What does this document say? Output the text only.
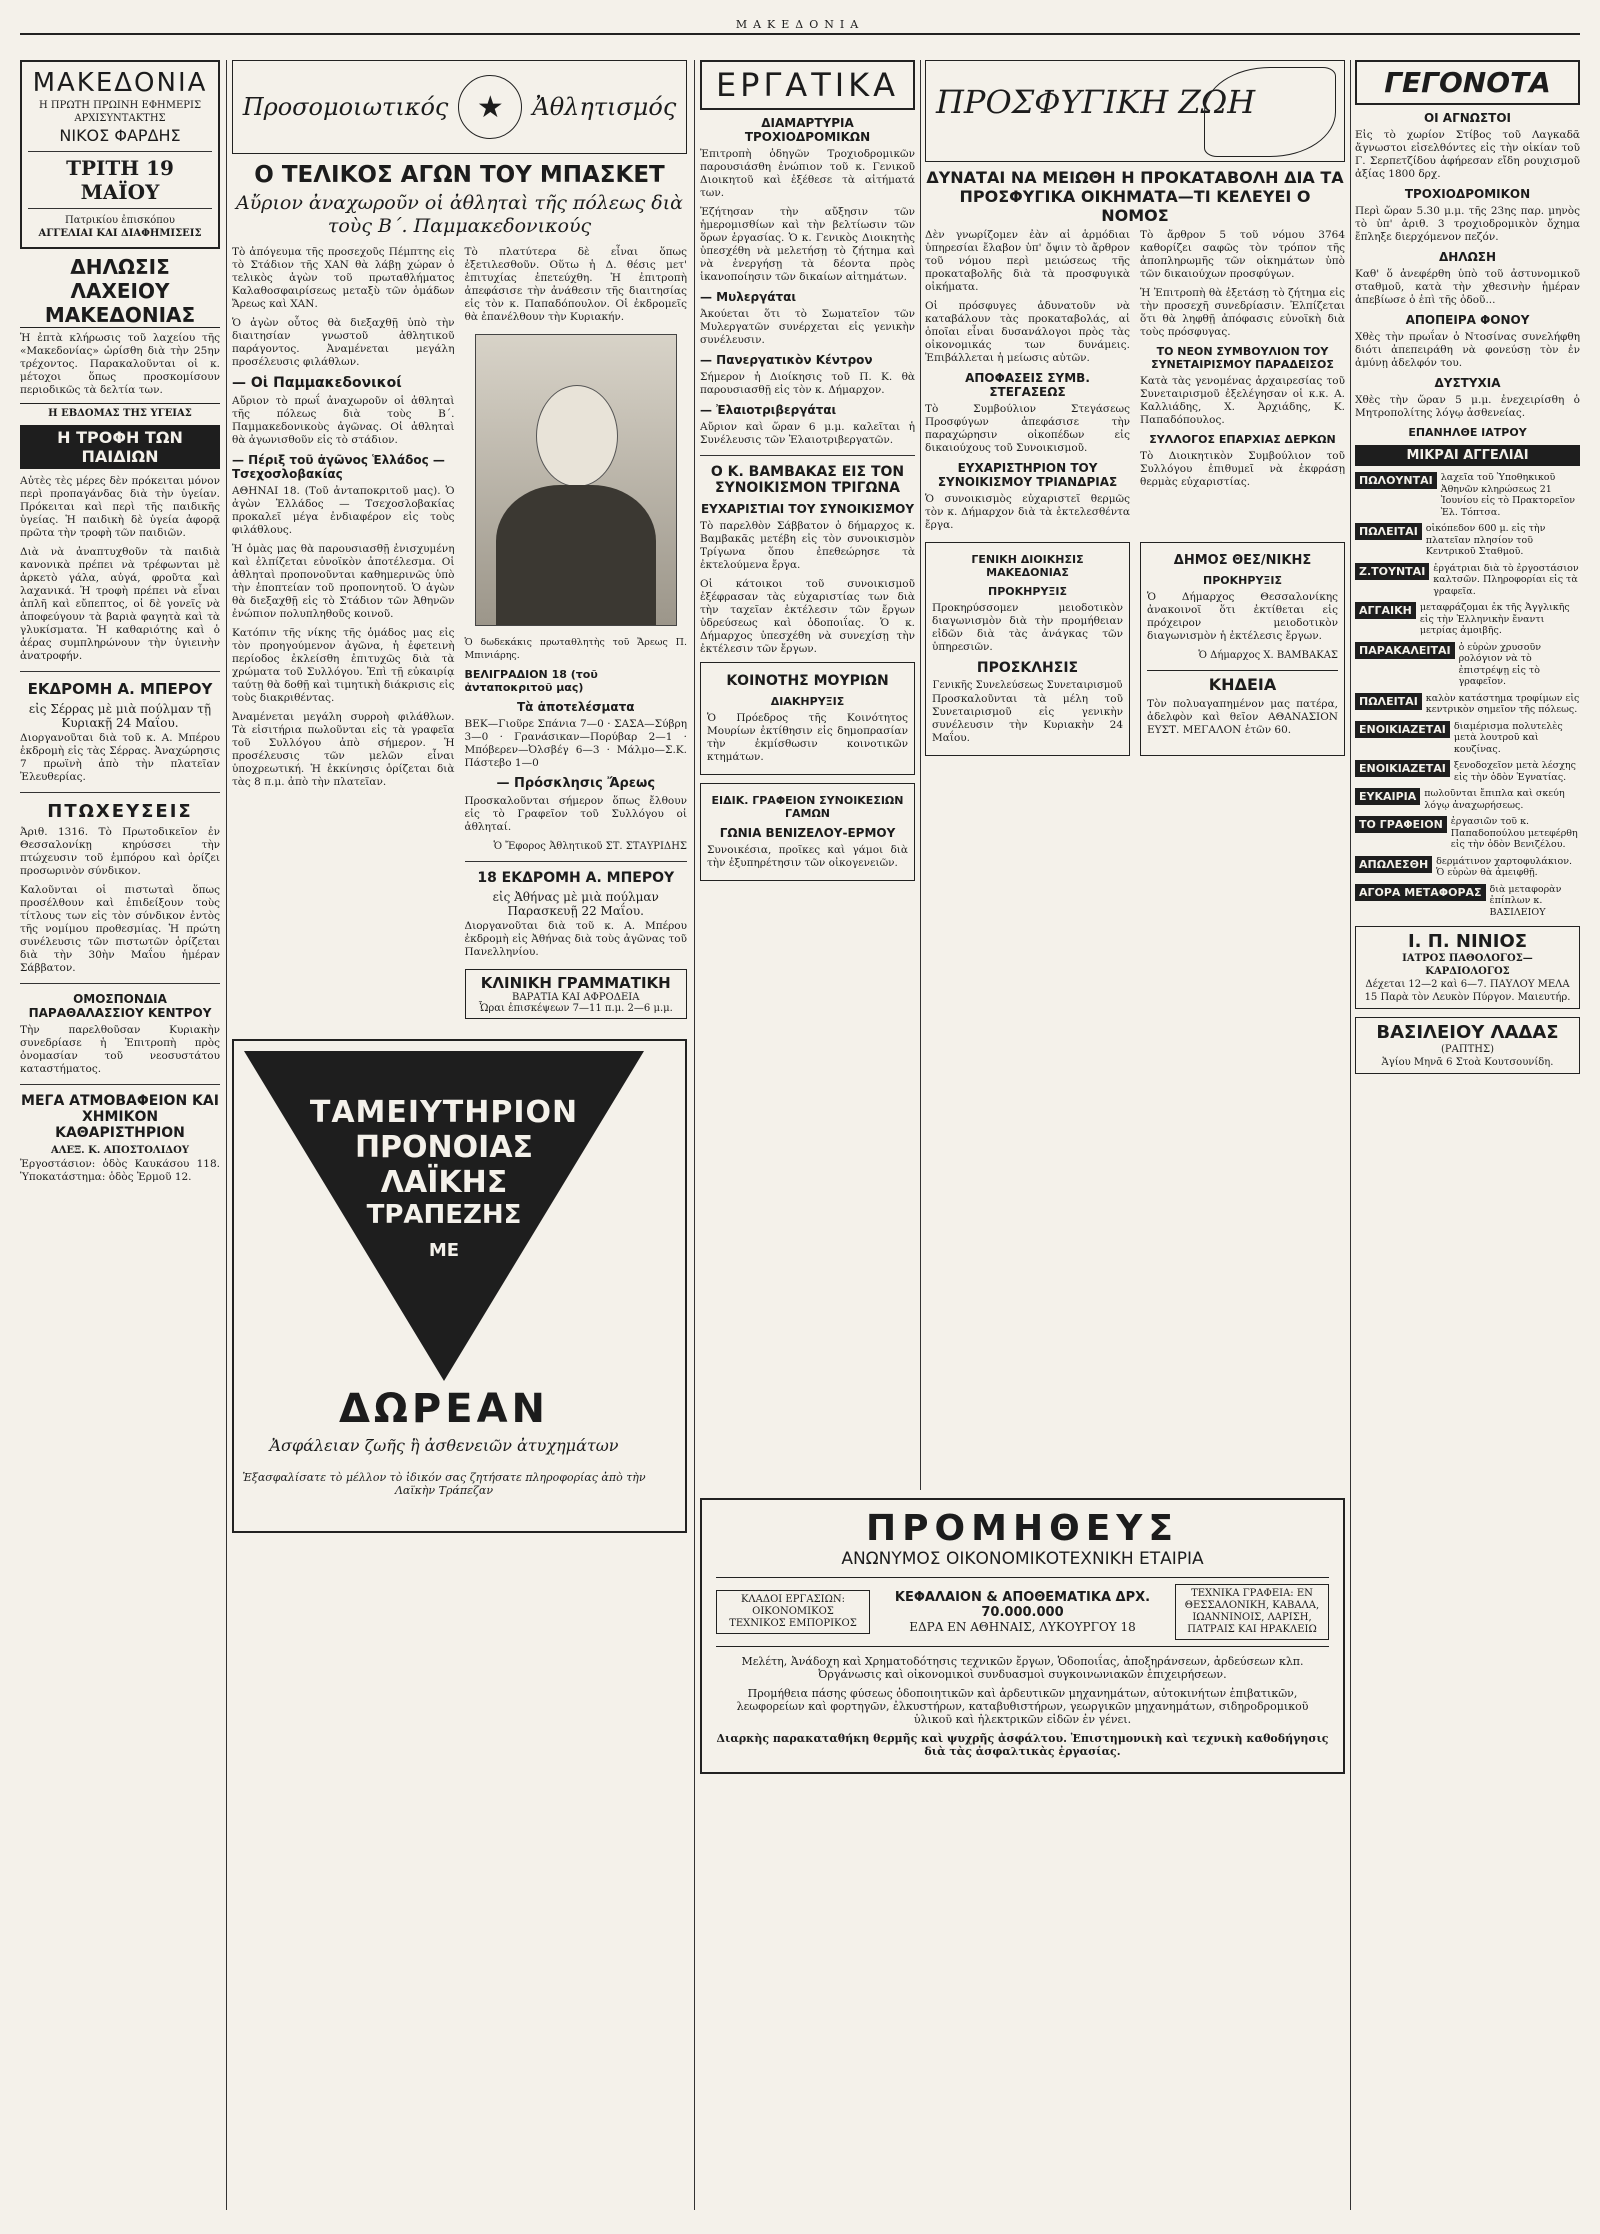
ΜΑΚΕΔΟΝΙΑ
ΜΑΚΕΔΟΝΙΑ
Η ΠΡΩΤΗ ΠΡΩΙΝΗ ΕΦΗΜΕΡΙΣ
ΑΡΧΙΣΥΝΤΑΚΤΗΣ
ΝΙΚΟΣ ΦΑΡΔΗΣ
ΤΡΙΤΗ 19 ΜΑΪΟΥ
Πατρικίου ἐπισκόπου
ΑΓΓΕΛΙΑΙ ΚΑΙ ΔΙΑΦΗΜΙΣΕΙΣ
ΔΗΛΩΣΙΣ ΛΑΧΕΙΟΥ ΜΑΚΕΔΟΝΙΑΣ

Ἡ ἐπτὰ κλήρωσις τοῦ λαχείου τῆς «Μακεδονίας» ὡρίσθη διὰ τὴν 25ην τρέχοντος. Παρακαλοῦνται οἱ κ. μέτοχοι ὅπως προσκομίσουν περιοδικῶς τὰ δελτία των.

Η ΕΒΔΟΜΑΣ ΤΗΣ ΥΓΕΙΑΣ
Η ΤΡΟΦΗ ΤΩΝ ΠΑΙΔΙΩΝ

Αὐτὲς τὲς μέρες δὲν πρόκειται μόνον περὶ προπαγάνδας διὰ τὴν ὑγείαν. Πρόκειται καὶ περὶ τῆς παιδικῆς ὑγείας. Ἡ παιδικὴ δὲ ὑγεία ἀφορᾷ πρῶτα τὴν τροφὴ τῶν παιδιῶν.

Διὰ νὰ ἀναπτυχθοῦν τὰ παιδιὰ κανονικὰ πρέπει νὰ τρέφωνται μὲ ἀρκετὸ γάλα, αὐγά, φροῦτα καὶ λαχανικά. Ἡ τροφὴ πρέπει νὰ εἶναι ἁπλῆ καὶ εὔπεπτος, οἱ δὲ γονεῖς νὰ ἀποφεύγουν τὰ βαριὰ φαγητὰ καὶ τὰ γλυκίσματα. Ἡ καθαριότης καὶ ὁ ἀέρας συμπληρώνουν τὴν ὑγιεινὴν ἀνατροφήν.

ΕΚΔΡΟΜΗ Α. ΜΠΕΡΟΥ
εἰς Σέρρας μὲ μιὰ πούλμαν τῇ Κυριακῇ 24 Μαΐου.

Διοργανοῦται διὰ τοῦ κ. Α. Μπέρου ἐκδρομὴ εἰς τὰς Σέρρας. Ἀναχώρησις 7 πρωϊνὴ ἀπὸ τὴν πλατεῖαν Ἐλευθερίας.

ΠΤΩΧΕΥΣΕΙΣ

Ἀριθ. 1316. Τὸ Πρωτοδικεῖον ἐν Θεσσαλονίκῃ κηρύσσει τὴν πτώχευσιν τοῦ ἐμπόρου καὶ ὁρίζει προσωρινὸν σύνδικον.

Καλοῦνται οἱ πιστωταὶ ὅπως προσέλθουν καὶ ἐπιδείξουν τοὺς τίτλους των εἰς τὸν σύνδικον ἐντὸς τῆς νομίμου προθεσμίας. Ἡ πρώτη συνέλευσις τῶν πιστωτῶν ὁρίζεται διὰ τὴν 30ὴν Μαΐου ἡμέραν Σάββατον.

ΟΜΟΣΠΟΝΔΙΑ ΠΑΡΑΘΑΛΑΣΣΙΟΥ ΚΕΝΤΡΟΥ

Τὴν παρελθοῦσαν Κυριακὴν συνεδρίασε ἡ Ἐπιτροπὴ πρὸς ὀνομασίαν τοῦ νεοσυστάτου καταστήματος.

ΜΕΓΑ ΑΤΜΟΒΑΦΕΙΟΝ ΚΑΙ ΧΗΜΙΚΟΝ ΚΑΘΑΡΙΣΤΗΡΙΟΝ
ΑΛΕΞ. Κ. ΑΠΟΣΤΟΛΙΔΟΥ

Ἐργοστάσιον: ὁδὸς Καυκάσου 118. Ὑποκατάστημα: ὁδὸς Ἑρμοῦ 12.

Προσομοιωτικός ★	Ἀθλητισμός
Ο ΤΕΛΙΚΟΣ ΑΓΩΝ ΤΟΥ ΜΠΑΣΚΕΤ
Αὔριον ἀναχωροῦν οἱ ἀθληταὶ τῆς πόλεως διὰ τοὺς Β΄. Παμμακεδονικούς

Τὸ ἀπόγευμα τῆς προσεχοῦς Πέμπτης εἰς τὸ Στάδιον τῆς ΧΑΝ θὰ λάβῃ χώραν ὁ τελικὸς ἀγὼν τοῦ πρωταθλήματος Καλαθοσφαιρίσεως μεταξὺ τῶν ὁμάδων Ἄρεως καὶ ΧΑΝ.

Ὁ ἀγὼν οὗτος θὰ διεξαχθῇ ὑπὸ τὴν διαιτησίαν γνωστοῦ ἀθλητικοῦ παράγοντος. Ἀναμένεται μεγάλη προσέλευσις φιλάθλων.

— Οἱ Παμμακεδονικοί

Αὔριον τὸ πρωΐ ἀναχωροῦν οἱ ἀθληταὶ τῆς πόλεως διὰ τοὺς Β΄. Παμμακεδονικοὺς ἀγῶνας. Οἱ ἀθληταὶ θὰ ἀγωνισθοῦν εἰς τὸ στάδιον.

— Πέριξ τοῦ ἀγῶνος Ἑλλάδος — Τσεχοσλοβακίας

ΑΘΗΝΑΙ 18. (Τοῦ ἀνταποκριτοῦ μας). Ὁ ἀγὼν Ἑλλάδος — Τσεχοσλοβακίας προκαλεῖ μέγα ἐνδιαφέρον εἰς τοὺς φιλάθλους.

Ἡ ὁμὰς μας θὰ παρουσιασθῇ ἐνισχυμένη καὶ ἐλπίζεται εὐνοϊκὸν ἀποτέλεσμα. Οἱ ἀθληταὶ προπονοῦνται καθημερινῶς ὑπὸ τὴν ἐποπτείαν τοῦ προπονητοῦ. Ὁ ἀγὼν θὰ διεξαχθῇ εἰς τὸ Στάδιον τῶν Ἀθηνῶν ἐνώπιον πολυπληθοῦς κοινοῦ.

Κατόπιν τῆς νίκης τῆς ὁμάδος μας εἰς τὸν προηγούμενον ἀγῶνα, ἡ ἐφετεινὴ περίοδος ἐκλείσθη ἐπιτυχῶς διὰ τὰ χρώματα τοῦ Συλλόγου. Ἐπὶ τῇ εὐκαιρίᾳ ταύτῃ θὰ δοθῇ καὶ τιμητικὴ διάκρισις εἰς τοὺς διακριθέντας.

Ἀναμένεται μεγάλη συρροὴ φιλάθλων. Τὰ εἰσιτήρια πωλοῦνται εἰς τὰ γραφεῖα τοῦ Συλλόγου ἀπὸ σήμερον. Ἡ προσέλευσις τῶν μελῶν εἶναι ὑποχρεωτική. Ἡ ἐκκίνησις ὁρίζεται διὰ τὰς 8 π.μ. ἀπὸ τὴν πλατεῖαν.

Τὸ πλατύτερα δὲ εἶναι ὅπως ἐξετιλεσθοῦν. Οὕτω ἡ Δ. θέσις μετ' ἐπιτυχίας ἐπετεύχθη. Ἡ ἐπιτροπὴ ἀπεφάσισε τὴν ἀνάθεσιν τῆς διαιτησίας εἰς τὸν κ. Παπαδόπουλον. Οἱ ἐκδρομεῖς θὰ ἐπανέλθουν τὴν Κυριακήν.

Ὁ δωδεκάκις πρωταθλητὴς τοῦ Ἄρεως Π. Μπινιάρης.

ΒΕΛΙΓΡΑΔΙΟΝ 18 (τοῦ ἀνταποκριτοῦ μας)
Τὰ ἀποτελέσματα

ΒΕΚ—Γιοῦρε Σπάνια 7—0 · ΣΑΣΑ—Σύβρη 3—0 · Γρανάσικαν—Πορύβαρ 2—1 · Μπόβερεν—Ὀλσβέγ 6—3 · Μάλμο—Σ.Κ. Πάστεβο 1—0

— Πρόσκλησις Ἄρεως

Προσκαλοῦνται σήμερον ὅπως ἔλθουν εἰς τὸ Γραφεῖον τοῦ Συλλόγου οἱ ἀθληταί.

Ὁ Ἔφορος Ἀθλητικοῦ ΣΤ. ΣΤΑΥΡΙΔΗΣ

18 ΕΚΔΡΟΜΗ Α. ΜΠΕΡΟΥ
εἰς Ἀθήνας μὲ μιὰ πούλμαν Παρασκευῇ 22 Μαΐου.

Διοργανοῦται διὰ τοῦ κ. Α. Μπέρου ἐκδρομὴ εἰς Ἀθήνας διὰ τοὺς ἀγῶνας τοῦ Πανελληνίου.

ΚΛΙΝΙΚΗ ΓΡΑΜΜΑΤΙΚΗ
ΒΑΡΑΤΙΑ ΚΑΙ ΑΦΡΟΔΕΙΑ
Ὧραι ἐπισκέψεων 7—11 π.μ. 2—6 μ.μ.
ΤΑΜΕΙΥΤΗΡΙΟΝ
ΠΡΟΝΟΙΑΣ
ΛΑΪΚΗΣ
ΤΡΑΠΕΖΗΣ
ΜΕ
ΔΩΡΕΑΝ
Ἀσφάλειαν ζωῆς ἢ ἀσθενειῶν ἀτυχημάτων
Ἐξασφαλίσατε τὸ μέλλον τὸ ἰδικόν σας ζητήσατε πληροφορίας ἀπὸ τὴν Λαϊκὴν Τράπεζαν
ΕΡΓΑΤΙΚΑ
ΔΙΑΜΑΡΤΥΡΙΑ ΤΡΟΧΙΟΔΡΟΜΙΚΩΝ

Ἐπιτροπὴ ὁδηγῶν Τροχιοδρομικῶν παρουσιάσθη ἐνώπιον τοῦ κ. Γενικοῦ Διοικητοῦ καὶ ἐξέθεσε τὰ αἰτήματά των.

Ἐζήτησαν τὴν αὔξησιν τῶν ἡμερομισθίων καὶ τὴν βελτίωσιν τῶν ὅρων ἐργασίας. Ὁ κ. Γενικὸς Διοικητὴς ὑπεσχέθη νὰ μελετήσῃ τὸ ζήτημα καὶ νὰ ἐνεργήσῃ τὰ δέοντα πρὸς ἱκανοποίησιν τῶν δικαίων αἰτημάτων.

— Μυλεργάται

Ἀκούεται ὅτι τὸ Σωματεῖον τῶν Μυλεργατῶν συνέρχεται εἰς γενικὴν συνέλευσιν.

— Πανεργατικὸν Κέντρον

Σήμερον ἡ Διοίκησις τοῦ Π. Κ. θὰ παρουσιασθῇ εἰς τὸν κ. Δήμαρχον.

— Ἐλαιοτριβεργάται

Αὔριον καὶ ὥραν 6 μ.μ. καλεῖται ἡ Συνέλευσις τῶν Ἐλαιοτριβεργατῶν.

Ο Κ. ΒΑΜΒΑΚΑΣ ΕΙΣ ΤΟΝ ΣΥΝΟΙΚΙΣΜΟΝ ΤΡΙΓΩΝΑ
ΕΥΧΑΡΙΣΤΙΑΙ ΤΟΥ ΣΥΝΟΙΚΙΣΜΟΥ

Τὸ παρελθὸν Σάββατον ὁ δήμαρχος κ. Βαμβακᾶς μετέβη εἰς τὸν συνοικισμὸν Τρίγωνα ὅπου ἐπεθεώρησε τὰ ἐκτελούμενα ἔργα.

Οἱ κάτοικοι τοῦ συνοικισμοῦ ἐξέφρασαν τὰς εὐχαριστίας των διὰ τὴν ταχεῖαν ἐκτέλεσιν τῶν ἔργων ὑδρεύσεως καὶ ὁδοποιΐας. Ὁ κ. Δήμαρχος ὑπεσχέθη νὰ συνεχίσῃ τὴν ἐκτέλεσιν τῶν ἔργων.

ΚΟΙΝΟΤΗΣ ΜΟΥΡΙΩΝ
ΔΙΑΚΗΡΥΞΙΣ

Ὁ Πρόεδρος τῆς Κοινότητος Μουρίων ἐκτίθησιν εἰς δημοπρασίαν τὴν ἐκμίσθωσιν κοινοτικῶν κτημάτων.

ΕΙΔΙΚ. ΓΡΑΦΕΙΟΝ ΣΥΝΟΙΚΕΣΙΩΝ ΓΑΜΩΝ
ΓΩΝΙΑ ΒΕΝΙΖΕΛΟΥ-ΕΡΜΟΥ

Συνοικέσια, προῖκες καὶ γάμοι διὰ τὴν ἐξυπηρέτησιν τῶν οἰκογενειῶν.

ΠΡΟΣΦΥΓΙΚΗ ΖΩΗ
ΔΥΝΑΤΑΙ ΝΑ ΜΕΙΩΘΗ Η ΠΡΟΚΑΤΑΒΟΛΗ ΔΙΑ ΤΑ ΠΡΟΣΦΥΓΙΚΑ ΟΙΚΗΜΑΤΑ—ΤΙ ΚΕΛΕΥΕΙ Ο ΝΟΜΟΣ

Δὲν γνωρίζομεν ἐὰν αἱ ἁρμόδιαι ὑπηρεσίαι ἔλαβον ὑπ' ὄψιν τὸ ἄρθρον τοῦ νόμου περὶ μειώσεως τῆς προκαταβολῆς διὰ τὰ προσφυγικὰ οἰκήματα.

Οἱ πρόσφυγες ἀδυνατοῦν νὰ καταβάλουν τὰς προκαταβολάς, αἱ ὁποῖαι εἶναι δυσανάλογοι πρὸς τὰς οἰκονομικάς των δυνάμεις. Ἐπιβάλλεται ἡ μείωσις αὐτῶν.

ΑΠΟΦΑΣΕΙΣ ΣΥΜΒ. ΣΤΕΓΑΣΕΩΣ

Τὸ Συμβούλιον Στεγάσεως Προσφύγων ἀπεφάσισε τὴν παραχώρησιν οἰκοπέδων εἰς δικαιούχους τοῦ Συνοικισμοῦ.

ΕΥΧΑΡΙΣΤΗΡΙΟΝ ΤΟΥ ΣΥΝΟΙΚΙΣΜΟΥ ΤΡΙΑΝΔΡΙΑΣ

Ὁ συνοικισμὸς εὐχαριστεῖ θερμῶς τὸν κ. Δήμαρχον διὰ τὰ ἐκτελεσθέντα ἔργα.

Τὸ ἄρθρον 5 τοῦ νόμου 3764 καθορίζει σαφῶς τὸν τρόπον τῆς ἀποπληρωμῆς τῶν οἰκημάτων ὑπὸ τῶν δικαιούχων προσφύγων.

Ἡ Ἐπιτροπὴ θὰ ἐξετάσῃ τὸ ζήτημα εἰς τὴν προσεχῆ συνεδρίασιν. Ἐλπίζεται ὅτι θὰ ληφθῇ ἀπόφασις εὐνοϊκὴ διὰ τοὺς πρόσφυγας.

ΤΟ ΝΕΟΝ ΣΥΜΒΟΥΛΙΟΝ ΤΟΥ ΣΥΝΕΤΑΙΡΙΣΜΟΥ ΠΑΡΑΔΕΙΣΟΣ

Κατὰ τὰς γενομένας ἀρχαιρεσίας τοῦ Συνεταιρισμοῦ ἐξελέγησαν οἱ κ.κ. Α. Καλλιάδης, Χ. Ἀρχιάδης, Κ. Παπαδόπουλος.

ΣΥΛΛΟΓΟΣ ΕΠΑΡΧΙΑΣ ΔΕΡΚΩΝ

Τὸ Διοικητικὸν Συμβούλιον τοῦ Συλλόγου ἐπιθυμεῖ νὰ ἐκφράσῃ θερμὰς εὐχαριστίας.

ΓΕΝΙΚΗ ΔΙΟΙΚΗΣΙΣ ΜΑΚΕΔΟΝΙΑΣ
ΠΡΟΚΗΡΥΞΙΣ

Προκηρύσσομεν μειοδοτικὸν διαγωνισμὸν διὰ τὴν προμήθειαν εἰδῶν διὰ τὰς ἀνάγκας τῶν ὑπηρεσιῶν.

ΠΡΟΣΚΛΗΣΙΣ
Γενικῆς Συνελεύσεως Συνεταιρισμοῦ

Προσκαλοῦνται τὰ μέλη τοῦ Συνεταιρισμοῦ εἰς γενικὴν συνέλευσιν τὴν Κυριακὴν 24 Μαΐου.

ΔΗΜΟΣ ΘΕΣ/ΝΙΚΗΣ
ΠΡΟΚΗΡΥΞΙΣ

Ὁ Δήμαρχος Θεσσαλονίκης ἀνακοινοῖ ὅτι ἐκτίθεται εἰς πρόχειρον μειοδοτικὸν διαγωνισμὸν ἡ ἐκτέλεσις ἔργων.

Ὁ Δήμαρχος Χ. ΒΑΜΒΑΚΑΣ

ΚΗΔΕΙΑ

Τὸν πολυαγαπημένον μας πατέρα, ἀδελφὸν καὶ θεῖον ΑΘΑΝΑΣΙΟΝ ΕΥΣΤ. ΜΕΓΑΛΟΝ ἐτῶν 60.

ΠΡΟΜΗΘΕΥΣ
ΑΝΩΝΥΜΟΣ ΟΙΚΟΝΟΜΙΚΟΤΕΧΝΙΚΗ ΕΤΑΙΡΙΑ
ΚΛΑΔΟΙ ΕΡΓΑΣΙΩΝ: ΟΙΚΟΝΟΜΙΚΟΣ ΤΕΧΝΙΚΟΣ ΕΜΠΟΡΙΚΟΣ
ΚΕΦΑΛΑΙΟΝ & ΑΠΟΘΕΜΑΤΙΚΑ ΔΡΧ. 70.000.000
ΕΔΡΑ ΕΝ ΑΘΗΝΑΙΣ, ΛΥΚΟΥΡΓΟΥ 18
ΤΕΧΝΙΚΑ ΓΡΑΦΕΙΑ: ΕΝ ΘΕΣΣΑΛΟΝΙΚΗ, ΚΑΒΑΛΑ, ΙΩΑΝΝΙΝΟΙΣ, ΛΑΡΙΣΗ, ΠΑΤΡΑΙΣ ΚΑΙ ΗΡΑΚΛΕΙΩ

Μελέτη, Ἀνάδοχη καὶ Χρηματοδότησις τεχνικῶν ἔργων, Ὁδοποιΐας, ἀποξηράνσεων, ἀρδεύσεων κλπ. Ὀργάνωσις καὶ οἰκονομικοὶ συνδυασμοὶ συγκοινωνιακῶν ἐπιχειρήσεων.

Προμήθεια πάσης φύσεως ὁδοποιητικῶν καὶ ἀρδευτικῶν μηχανημάτων, αὐτοκινήτων ἐπιβατικῶν, λεωφορείων καὶ φορτηγῶν, ἐλκυστήρων, καταβυθιστήρων, γεωργικῶν μηχανημάτων, σιδηροδρομικοῦ ὑλικοῦ καὶ ἠλεκτρικῶν εἰδῶν ἐν γένει.

Διαρκὴς παρακαταθήκη θερμῆς καὶ ψυχρῆς ἀσφάλτου. Ἐπιστημονικὴ καὶ τεχνικὴ καθοδήγησις διὰ τὰς ἀσφαλτικὰς ἐργασίας.

ΓΕΓΟΝΟΤΑ
ΟΙ ΑΓΝΩΣΤΟΙ

Εἰς τὸ χωρίον Στίβος τοῦ Λαγκαδᾶ ἄγνωστοι εἰσελθόντες εἰς τὴν οἰκίαν τοῦ Γ. Σερπετζίδου ἀφήρεσαν εἴδη ρουχισμοῦ ἀξίας 1800 δρχ.

ΤΡΟΧΙΟΔΡΟΜΙΚΟΝ

Περὶ ὥραν 5.30 μ.μ. τῆς 23ης παρ. μηνὸς τὸ ὑπ' ἀριθ. 3 τροχιοδρομικὸν ὄχημα ἔπληξε διερχόμενον πεζόν.

ΔΗΛΩΣΗ

Καθ' ὅ ἀνεφέρθη ὑπὸ τοῦ ἀστυνομικοῦ σταθμοῦ, κατὰ τὴν χθεσινὴν ἡμέραν ἀπεβίωσε ὁ ἐπὶ τῆς ὁδοῦ...

ΑΠΟΠΕΙΡΑ ΦΟΝΟΥ

Χθὲς τὴν πρωΐαν ὁ Ντοσίνας συνελήφθη διότι ἀπεπειράθη νὰ φονεύσῃ τὸν ἐν ἀμύνῃ ἀδελφόν του.

ΔΥΣΤΥΧΙΑ

Χθὲς τὴν ὥραν 5 μ.μ. ἐνεχειρίσθη ὁ Μητροπολίτης λόγῳ ἀσθενείας.

ΕΠΑΝΗΛΘΕ ΙΑΤΡΟΥ
ΜΙΚΡΑΙ ΑΓΓΕΛΙΑΙ
ΠΩΛΟΥΝΤΑΙ λαχεῖα τοῦ Ὑποθηκικοῦ Ἀθηνῶν κληρώσεως 21 Ἰουνίου εἰς τὸ Πρακτορεῖον Ἐλ. Τόπτσα.
ΠΩΛΕΙΤΑΙ οἰκόπεδον 600 μ. εἰς τὴν πλατεῖαν πλησίον τοῦ Κεντρικοῦ Σταθμοῦ.
Ζ.ΤΟΥΝΤΑΙ ἐργάτριαι διὰ τὸ ἐργοστάσιον καλτσῶν. Πληροφορίαι εἰς τὰ γραφεῖα.
ΑΓΓΑΙΚΗ μεταφράζομαι ἐκ τῆς Ἀγγλικῆς εἰς τὴν Ἑλληνικὴν ἔναντι μετρίας ἀμοιβῆς.
ΠΑΡΑΚΑΛΕΙΤΑΙ ὁ εὑρὼν χρυσοῦν ρολόγιον νὰ τὸ ἐπιστρέψῃ εἰς τὸ γραφεῖον.
ΠΩΛΕΙΤΑΙ καλὸν κατάστημα τροφίμων εἰς κεντρικὸν σημεῖον τῆς πόλεως.
ΕΝΟΙΚΙΑΖΕΤΑΙ διαμέρισμα πολυτελὲς μετὰ λουτροῦ καὶ κουζίνας.
ΕΝΟΙΚΙΑΖΕΤΑΙ ξενοδοχεῖον μετὰ λέσχης εἰς τὴν ὁδὸν Ἑγνατίας.
ΕΥΚΑΙΡΙΑ πωλοῦνται ἔπιπλα καὶ σκεύη λόγῳ ἀναχωρήσεως.
ΤΟ ΓΡΑΦΕΙΟΝ ἐργασιῶν τοῦ κ. Παπαδοπούλου μετεφέρθη εἰς τὴν ὁδὸν Βενιζέλου.
ΑΠΩΛΕΣΘΗ δερμάτινον χαρτοφυλάκιον. Ὁ εὑρὼν θὰ ἀμειφθῇ.
ΑΓΟΡΑ ΜΕΤΑΦΟΡΑΣ διὰ μεταφορὰν ἐπίπλων κ. ΒΑΣΙΛΕΙΟΥ
Ι. Π. ΝΙΝΙΟΣ
ΙΑΤΡΟΣ ΠΑΘΟΛΟΓΟΣ—ΚΑΡΔΙΟΛΟΓΟΣ
Δέχεται 12—2 καὶ 6—7. ΠΑΥΛΟΥ ΜΕΛΑ 15 Παρὰ τὸν Λευκὸν Πύργον. Μαιευτήρ.
ΒΑΣΙΛΕΙΟΥ ΛΑΔΑΣ
(ΡΑΠΤΗΣ)
Ἁγίου Μηνᾶ 6 Στοὰ Κουτσουνίδη.
